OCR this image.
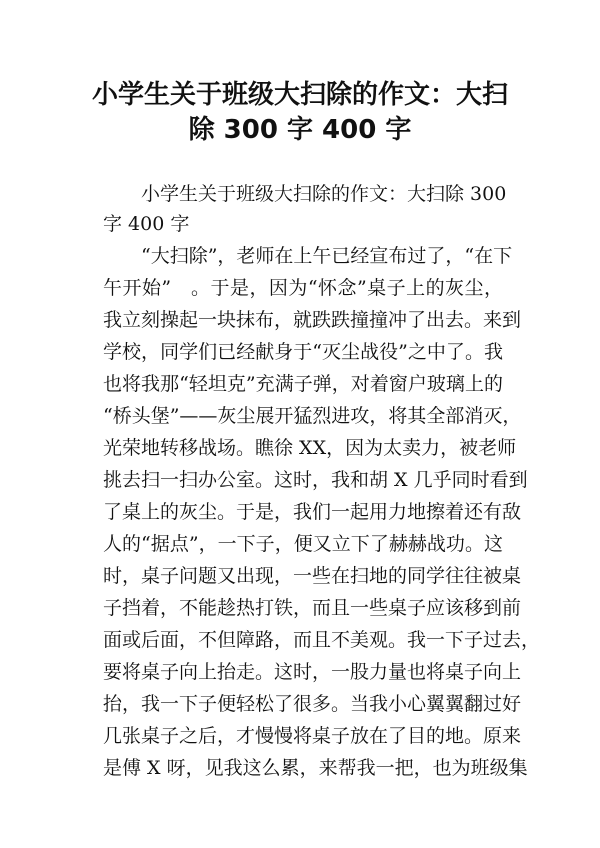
小学生关于班级大扫除的作文：大扫
除 300 字 400 字
小学生关于班级大扫除的作文：大扫除 300
字 400 字
“大扫除”，老师在上午已经宣布过了，“在下
午开始”　。于是，因为“怀念”桌子上的灰尘，
我立刻操起一块抹布，就跌跌撞撞冲了出去。来到
学校，同学们已经献身于“灭尘战役”之中了。我
也将我那“轻坦克”充满子弹，对着窗户玻璃上的
“桥头堡”——灰尘展开猛烈进攻，将其全部消灭，
光荣地转移战场。瞧徐 XX，因为太卖力，被老师
挑去扫一扫办公室。这时，我和胡 X 几乎同时看到
了桌上的灰尘。于是，我们一起用力地擦着还有敌
人的“据点”，一下子，便又立下了赫赫战功。这
时，桌子问题又出现，一些在扫地的同学往往被桌
子挡着，不能趁热打铁，而且一些桌子应该移到前
面或后面，不但障路，而且不美观。我一下子过去，
要将桌子向上抬走。这时，一股力量也将桌子向上
抬，我一下子便轻松了很多。当我小心翼翼翻过好
几张桌子之后，才慢慢将桌子放在了目的地。原来
是傅 X 呀，见我这么累，来帮我一把，也为班级集
